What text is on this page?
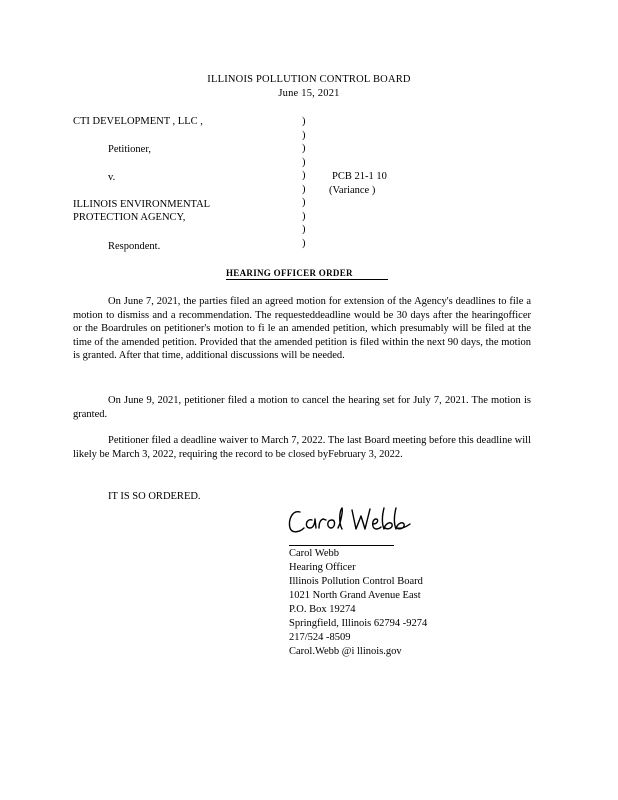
ILLINOIS POLLUTION CONTROL BOARD
June 15, 2021
CTI DEVELOPMENT , LLC ,
Petitioner,
v.
ILLINOIS ENVIRONMENTAL
PROTECTION AGENCY,
Respondent.
)
)
)
)
)
)
)
)
)
)
PCB 21-1 10
(Variance )
HEARING OFFICER ORDER
On June 7, 2021, the parties filed an agreed motion for extension of the Agency's deadlines to file a motion to dismiss and a recommendation. The requesteddeadline would be 30 days after the hearingofficer or the Boardrules on petitioner's motion to fi le an amended petition, which presumably will be filed at the time of the amended petition. Provided that the amended petition is filed within the next 90 days, the motion is granted. After that time, additional discussions will be needed.
On June 9, 2021, petitioner filed a motion to cancel the hearing set for July 7, 2021. The motion is granted.
Petitioner filed a deadline waiver to March 7, 2022. The last Board meeting before this deadline will likely be March 3, 2022, requiring the record to be closed byFebruary 3, 2022.
IT IS SO ORDERED.
Carol Webb
Hearing Officer
Illinois Pollution Control Board
1021 North Grand Avenue East
P.O. Box 19274
Springfield, Illinois 62794 -9274
217/524 -8509
Carol.Webb @i llinois.gov
